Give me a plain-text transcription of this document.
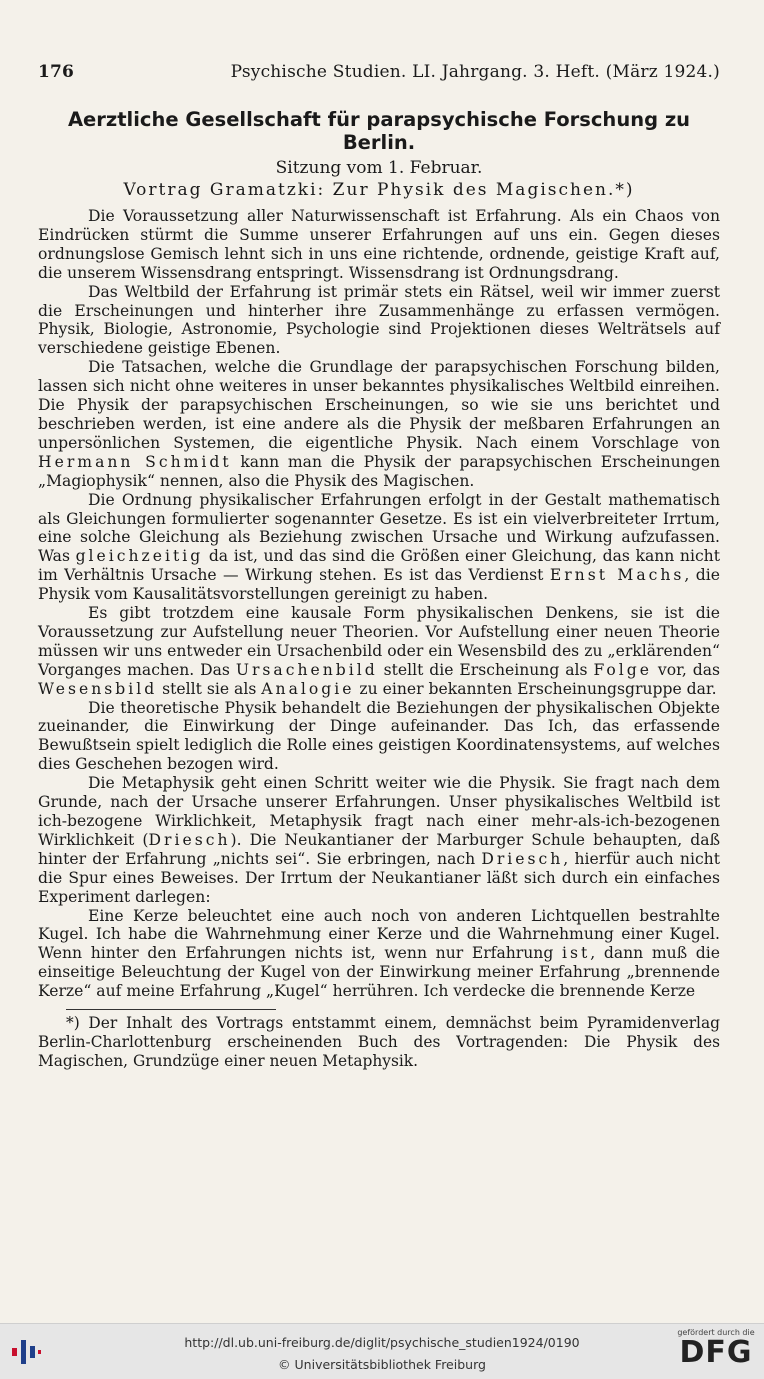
176	Psychische Studien. LI. Jahrgang. 3. Heft. (März 1924.)
Aerztliche Gesellschaft für parapsychische Forschung zu Berlin.
Sitzung vom 1. Februar.
Vortrag Gramatzki: Zur Physik des Magischen.*)

Die Voraussetzung aller Naturwissenschaft ist Erfahrung. Als ein Chaos von Eindrücken stürmt die Summe unserer Erfahrungen auf uns ein. Gegen dieses ordnungslose Gemisch lehnt sich in uns eine richtende, ordnende, geistige Kraft auf, die unserem Wissensdrang entspringt. Wissensdrang ist Ordnungsdrang.

Das Weltbild der Erfahrung ist primär stets ein Rätsel, weil wir immer zuerst die Erscheinungen und hinterher ihre Zusammenhänge zu erfassen vermögen. Physik, Biologie, Astronomie, Psychologie sind Projektionen dieses Welträtsels auf verschiedene geistige Ebenen.

Die Tatsachen, welche die Grundlage der parapsychischen Forschung bilden, lassen sich nicht ohne weiteres in unser bekanntes physikalisches Weltbild einreihen. Die Physik der parapsychischen Erscheinungen, so wie sie uns berichtet und beschrieben werden, ist eine andere als die Physik der meßbaren Erfahrungen an unpersönlichen Systemen, die eigentliche Physik. Nach einem Vorschlage von Hermann Schmidt kann man die Physik der parapsychischen Erscheinungen „Magiophysik“ nennen, also die Physik des Magischen.

Die Ordnung physikalischer Erfahrungen erfolgt in der Gestalt mathematisch als Gleichungen formulierter sogenannter Gesetze. Es ist ein vielverbreiteter Irrtum, eine solche Gleichung als Beziehung zwischen Ursache und Wirkung aufzufassen. Was gleichzeitig da ist, und das sind die Größen einer Gleichung, das kann nicht im Verhältnis Ursache — Wirkung stehen. Es ist das Verdienst Ernst Machs, die Physik vom Kausalitätsvorstellungen gereinigt zu haben.

Es gibt trotzdem eine kausale Form physikalischen Denkens, sie ist die Voraussetzung zur Aufstellung neuer Theorien. Vor Aufstellung einer neuen Theorie müssen wir uns entweder ein Ursachenbild oder ein Wesensbild des zu „erklärenden“ Vorganges machen. Das Ursachenbild stellt die Erscheinung als Folge vor, das Wesensbild stellt sie als Analogie zu einer bekannten Erscheinungsgruppe dar.

Die theoretische Physik behandelt die Beziehungen der physikalischen Objekte zueinander, die Einwirkung der Dinge aufeinander. Das Ich, das erfassende Bewußtsein spielt lediglich die Rolle eines geistigen Koordinatensystems, auf welches dies Geschehen bezogen wird.

Die Metaphysik geht einen Schritt weiter wie die Physik. Sie fragt nach dem Grunde, nach der Ursache unserer Erfahrungen. Unser physikalisches Weltbild ist ich-bezogene Wirklichkeit, Metaphysik fragt nach einer mehr-als-ich-bezogenen Wirklichkeit (Driesch). Die Neukantianer der Marburger Schule behaupten, daß hinter der Erfahrung „nichts sei“. Sie erbringen, nach Driesch, hierfür auch nicht die Spur eines Beweises. Der Irrtum der Neukantianer läßt sich durch ein einfaches Experiment darlegen:

Eine Kerze beleuchtet eine auch noch von anderen Lichtquellen bestrahlte Kugel. Ich habe die Wahrnehmung einer Kerze und die Wahrnehmung einer Kugel. Wenn hinter den Erfahrungen nichts ist, wenn nur Erfahrung ist, dann muß die einseitige Beleuchtung der Kugel von der Einwirkung meiner Erfahrung „brennende Kerze“ auf meine Erfahrung „Kugel“ herrühren. Ich verdecke die brennende Kerze

*) Der Inhalt des Vortrags entstammt einem, demnächst beim Pyramidenverlag Berlin-Charlottenburg erscheinenden Buch des Vortragenden: Die Physik des Magischen, Grundzüge einer neuen Metaphysik.

http://dl.ub.uni-freiburg.de/diglit/psychische_studien1924/0190
© Universitätsbibliothek Freiburg
gefördert durch die
DFG
